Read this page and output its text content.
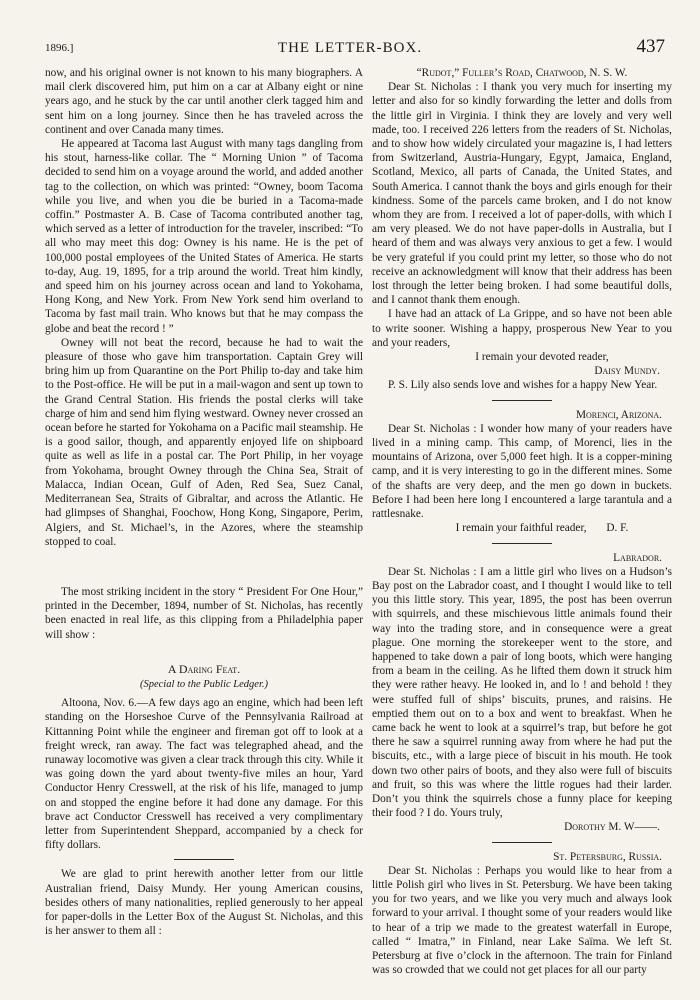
1896.]	THE LETTER-BOX.	437

now, and his original owner is not known to his many biographers. A mail clerk discovered him, put him on a car at Albany eight or nine years ago, and he stuck by the car until another clerk tagged him and sent him on a long journey. Since then he has traveled across the continent and over Canada many times.

He appeared at Tacoma last August with many tags dangling from his stout, harness-like collar. The “ Morning Union ” of Tacoma decided to send him on a voyage around the world, and added another tag to the collection, on which was printed: “Owney, boom Tacoma while you live, and when you die be buried in a Tacoma-made coffin.” Postmaster A. B. Case of Tacoma contributed another tag, which served as a letter of introduction for the traveler, inscribed: “To all who may meet this dog: Owney is his name. He is the pet of 100,000 postal employees of the United States of America. He starts to-day, Aug. 19, 1895, for a trip around the world. Treat him kindly, and speed him on his journey across ocean and land to Yokohama, Hong Kong, and New York. From New York send him overland to Tacoma by fast mail train. Who knows but that he may compass the globe and beat the record ! ”

Owney will not beat the record, because he had to wait the pleasure of those who gave him transportation. Captain Grey will bring him up from Quarantine on the Port Philip to-day and take him to the Post-office. He will be put in a mail-wagon and sent up town to the Grand Central Station. His friends the postal clerks will take charge of him and send him flying westward. Owney never crossed an ocean before he started for Yokohama on a Pacific mail steamship. He is a good sailor, though, and apparently enjoyed life on shipboard quite as well as life in a postal car. The Port Philip, in her voyage from Yokohama, brought Owney through the China Sea, Strait of Malacca, Indian Ocean, Gulf of Aden, Red Sea, Suez Canal, Mediterranean Sea, Straits of Gibraltar, and across the Atlantic. He had glimpses of Shanghai, Foochow, Hong Kong, Singapore, Perim, Algiers, and St. Michael’s, in the Azores, where the steamship stopped to coal.

The most striking incident in the story “ President For One Hour,” printed in the December, 1894, number of St. Nicholas, has recently been enacted in real life, as this clipping from a Philadelphia paper will show :

A Daring Feat.

(Special to the Public Ledger.)

Altoona, Nov. 6.—A few days ago an engine, which had been left standing on the Horseshoe Curve of the Pennsylvania Railroad at Kittanning Point while the engineer and fireman got off to look at a freight wreck, ran away. The fact was telegraphed ahead, and the runaway locomotive was given a clear track through this city. While it was going down the yard about twenty-five miles an hour, Yard Conductor Henry Cresswell, at the risk of his life, managed to jump on and stopped the engine before it had done any damage. For this brave act Conductor Cresswell has received a very complimentary letter from Superintendent Sheppard, accompanied by a check for fifty dollars.

We are glad to print herewith another letter from our little Australian friend, Daisy Mundy. Her young American cousins, besides others of many nationalities, replied generously to her appeal for paper-dolls in the Letter Box of the August St. Nicholas, and this is her answer to them all :

“Rudot,” Fuller’s Road, Chatwood, N. S. W.

Dear St. Nicholas : I thank you very much for inserting my letter and also for so kindly forwarding the letter and dolls from the little girl in Virginia. I think they are lovely and very well made, too. I received 226 letters from the readers of St. Nicholas, and to show how widely circulated your magazine is, I had letters from Switzerland, Austria-Hungary, Egypt, Jamaica, England, Scotland, Mexico, all parts of Canada, the United States, and South America. I cannot thank the boys and girls enough for their kindness. Some of the parcels came broken, and I do not know whom they are from. I received a lot of paper-dolls, with which I am very pleased. We do not have paper-dolls in Australia, but I heard of them and was always very anxious to get a few. I would be very grateful if you could print my letter, so those who do not receive an acknowledgment will know that their address has been lost through the letter being broken. I had some beautiful dolls, and I cannot thank them enough.

I have had an attack of La Grippe, and so have not been able to write sooner. Wishing a happy, prosperous New Year to you and your readers,

I remain your devoted reader,

Daisy Mundy.

P. S. Lily also sends love and wishes for a happy New Year.

Morenci, Arizona.

Dear St. Nicholas : I wonder how many of your readers have lived in a mining camp. This camp, of Morenci, lies in the mountains of Arizona, over 5,000 feet high. It is a copper-mining camp, and it is very interesting to go in the different mines. Some of the shafts are very deep, and the men go down in buckets. Before I had been here long I encountered a large tarantula and a rattlesnake.

I remain your faithful reader, D. F.

Labrador.

Dear St. Nicholas : I am a little girl who lives on a Hudson’s Bay post on the Labrador coast, and I thought I would like to tell you this little story. This year, 1895, the post has been overrun with squirrels, and these mischievous little animals found their way into the trading store, and in consequence were a great plague. One morning the storekeeper went to the store, and happened to take down a pair of long boots, which were hanging from a beam in the ceiling. As he lifted them down it struck him they were rather heavy. He looked in, and lo ! and behold ! they were stuffed full of ships’ biscuits, prunes, and raisins. He emptied them out on to a box and went to breakfast. When he came back he went to look at a squirrel’s trap, but before he got there he saw a squirrel running away from where he had put the biscuits, etc., with a large piece of biscuit in his mouth. He took down two other pairs of boots, and they also were full of biscuits and fruit, so this was where the little rogues had their larder. Don’t you think the squirrels chose a funny place for keeping their food ? I do. Yours truly,

Dorothy M. W——.

St. Petersburg, Russia.

Dear St. Nicholas : Perhaps you would like to hear from a little Polish girl who lives in St. Petersburg. We have been taking you for two years, and we like you very much and always look forward to your arrival. I thought some of your readers would like to hear of a trip we made to the greatest waterfall in Europe, called “ Imatra,” in Finland, near Lake Saïma. We left St. Petersburg at five o’clock in the afternoon. The train for Finland was so crowded that we could not get places for all our party
